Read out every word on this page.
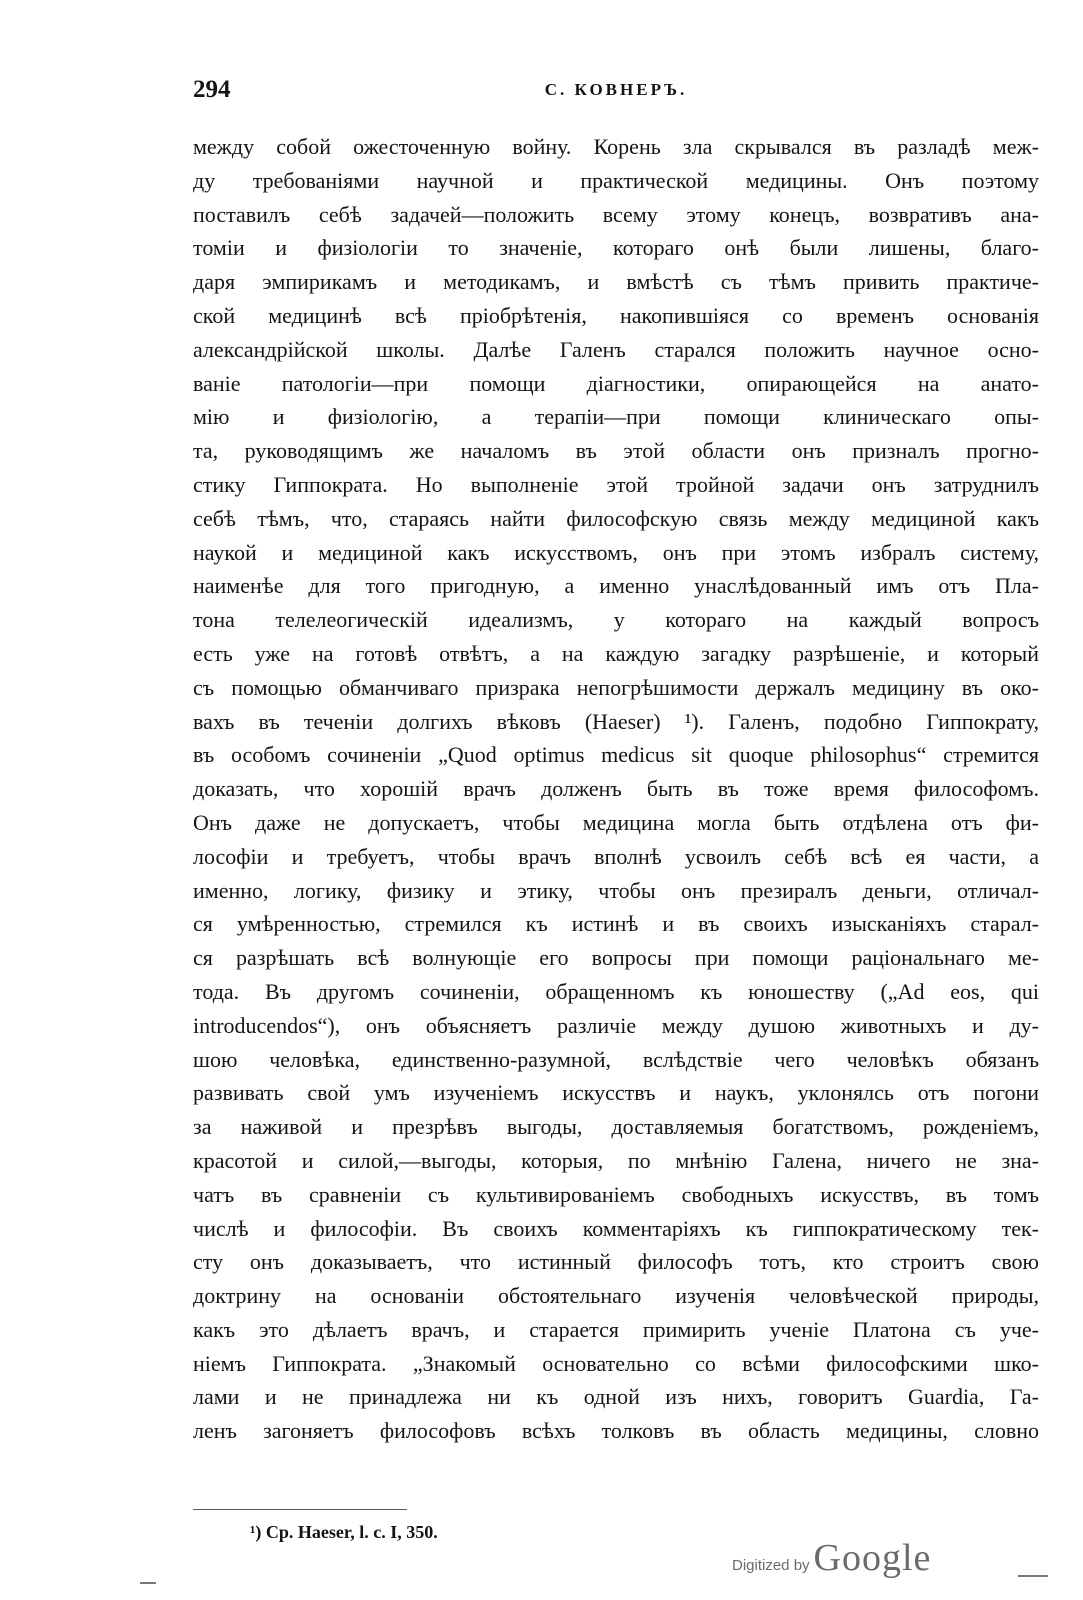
294	С. КОВНЕРЪ.
между собой ожесточенную войну. Корень зла скрывался въ разладѣ меж-
ду требованіями научной и практической медицины. Онъ поэтому
поставилъ себѣ задачей—положить всему этому конецъ, возвративъ ана-
томіи и физіологіи то значеніе, котораго онѣ были лишены, благо-
даря эмпирикамъ и методикамъ, и вмѣстѣ съ тѣмъ привить практиче-
ской медицинѣ всѣ пріобрѣтенія, накопившіяся со временъ основанія
александрійской школы. Далѣе Галенъ старался положить научное осно-
ваніе патологіи—при помощи діагностики, опирающейся на анато-
мію и физіологію, а терапіи—при помощи клиническаго опы-
та, руководящимъ же началомъ въ этой области онъ призналъ прогно-
стику Гиппократа. Но выполненіе этой тройной задачи онъ затруднилъ
себѣ тѣмъ, что, стараясь найти философскую связь между медициной какъ
наукой и медициной какъ искусствомъ, онъ при этомъ избралъ систему,
наименѣе для того пригодную, а именно унаслѣдованный имъ отъ Пла-
тона телелеогическій идеализмъ, у котораго на каждый вопросъ
есть уже на готовѣ отвѣтъ, а на каждую загадку разрѣшеніе, и который
съ помощью обманчиваго призрака непогрѣшимости держалъ медицину въ око-
вахъ въ теченіи долгихъ вѣковъ (Haeser) ¹). Галенъ, подобно Гиппократу,
въ особомъ сочиненіи „Quod optimus medicus sit quoque philosophus“ стремится
доказать, что хорошій врачъ долженъ быть въ тоже время философомъ.
Онъ даже не допускаетъ, чтобы медицина могла быть отдѣлена отъ фи-
лософіи и требуетъ, чтобы врачъ вполнѣ усвоилъ себѣ всѣ ея части, а
именно, логику, физику и этику, чтобы онъ презиралъ деньги, отличал-
ся умѣренностью, стремился къ истинѣ и въ своихъ изысканіяхъ старал-
ся разрѣшать всѣ волнующіе его вопросы при помощи раціональнаго ме-
тода. Въ другомъ сочиненіи, обращенномъ къ юношеству („Ad eos, qui
introducendos“), онъ объясняетъ различіе между душою животныхъ и ду-
шою человѣка, единственно-разумной, вслѣдствіе чего человѣкъ обязанъ
развивать свой умъ изученіемъ искусствъ и наукъ, уклонялсь отъ погони
за наживой и презрѣвъ выгоды, доставляемыя богатствомъ, рожденіемъ,
красотой и силой,—выгоды, которыя, по мнѣнію Галена, ничего не зна-
чатъ въ сравненіи съ культивированіемъ свободныхъ искусствъ, въ томъ
числѣ и философіи. Въ своихъ комментаріяхъ къ гиппократическому тек-
сту онъ доказываетъ, что истинный философъ тотъ, кто строитъ свою
доктрину на основаніи обстоятельнаго изученія человѣческой природы,
какъ это дѣлаетъ врачъ, и старается примирить ученіе Платона съ уче-
ніемъ Гиппократа. „Знакомый основательно со всѣми философскими шко-
лами и не принадлежа ни къ одной изъ нихъ, говоритъ Guardia, Га-
ленъ загоняетъ философовъ всѣхъ толковъ въ область медицины, словно
¹) Ср. Haeser, l. c. I, 350.
Digitized by Google
